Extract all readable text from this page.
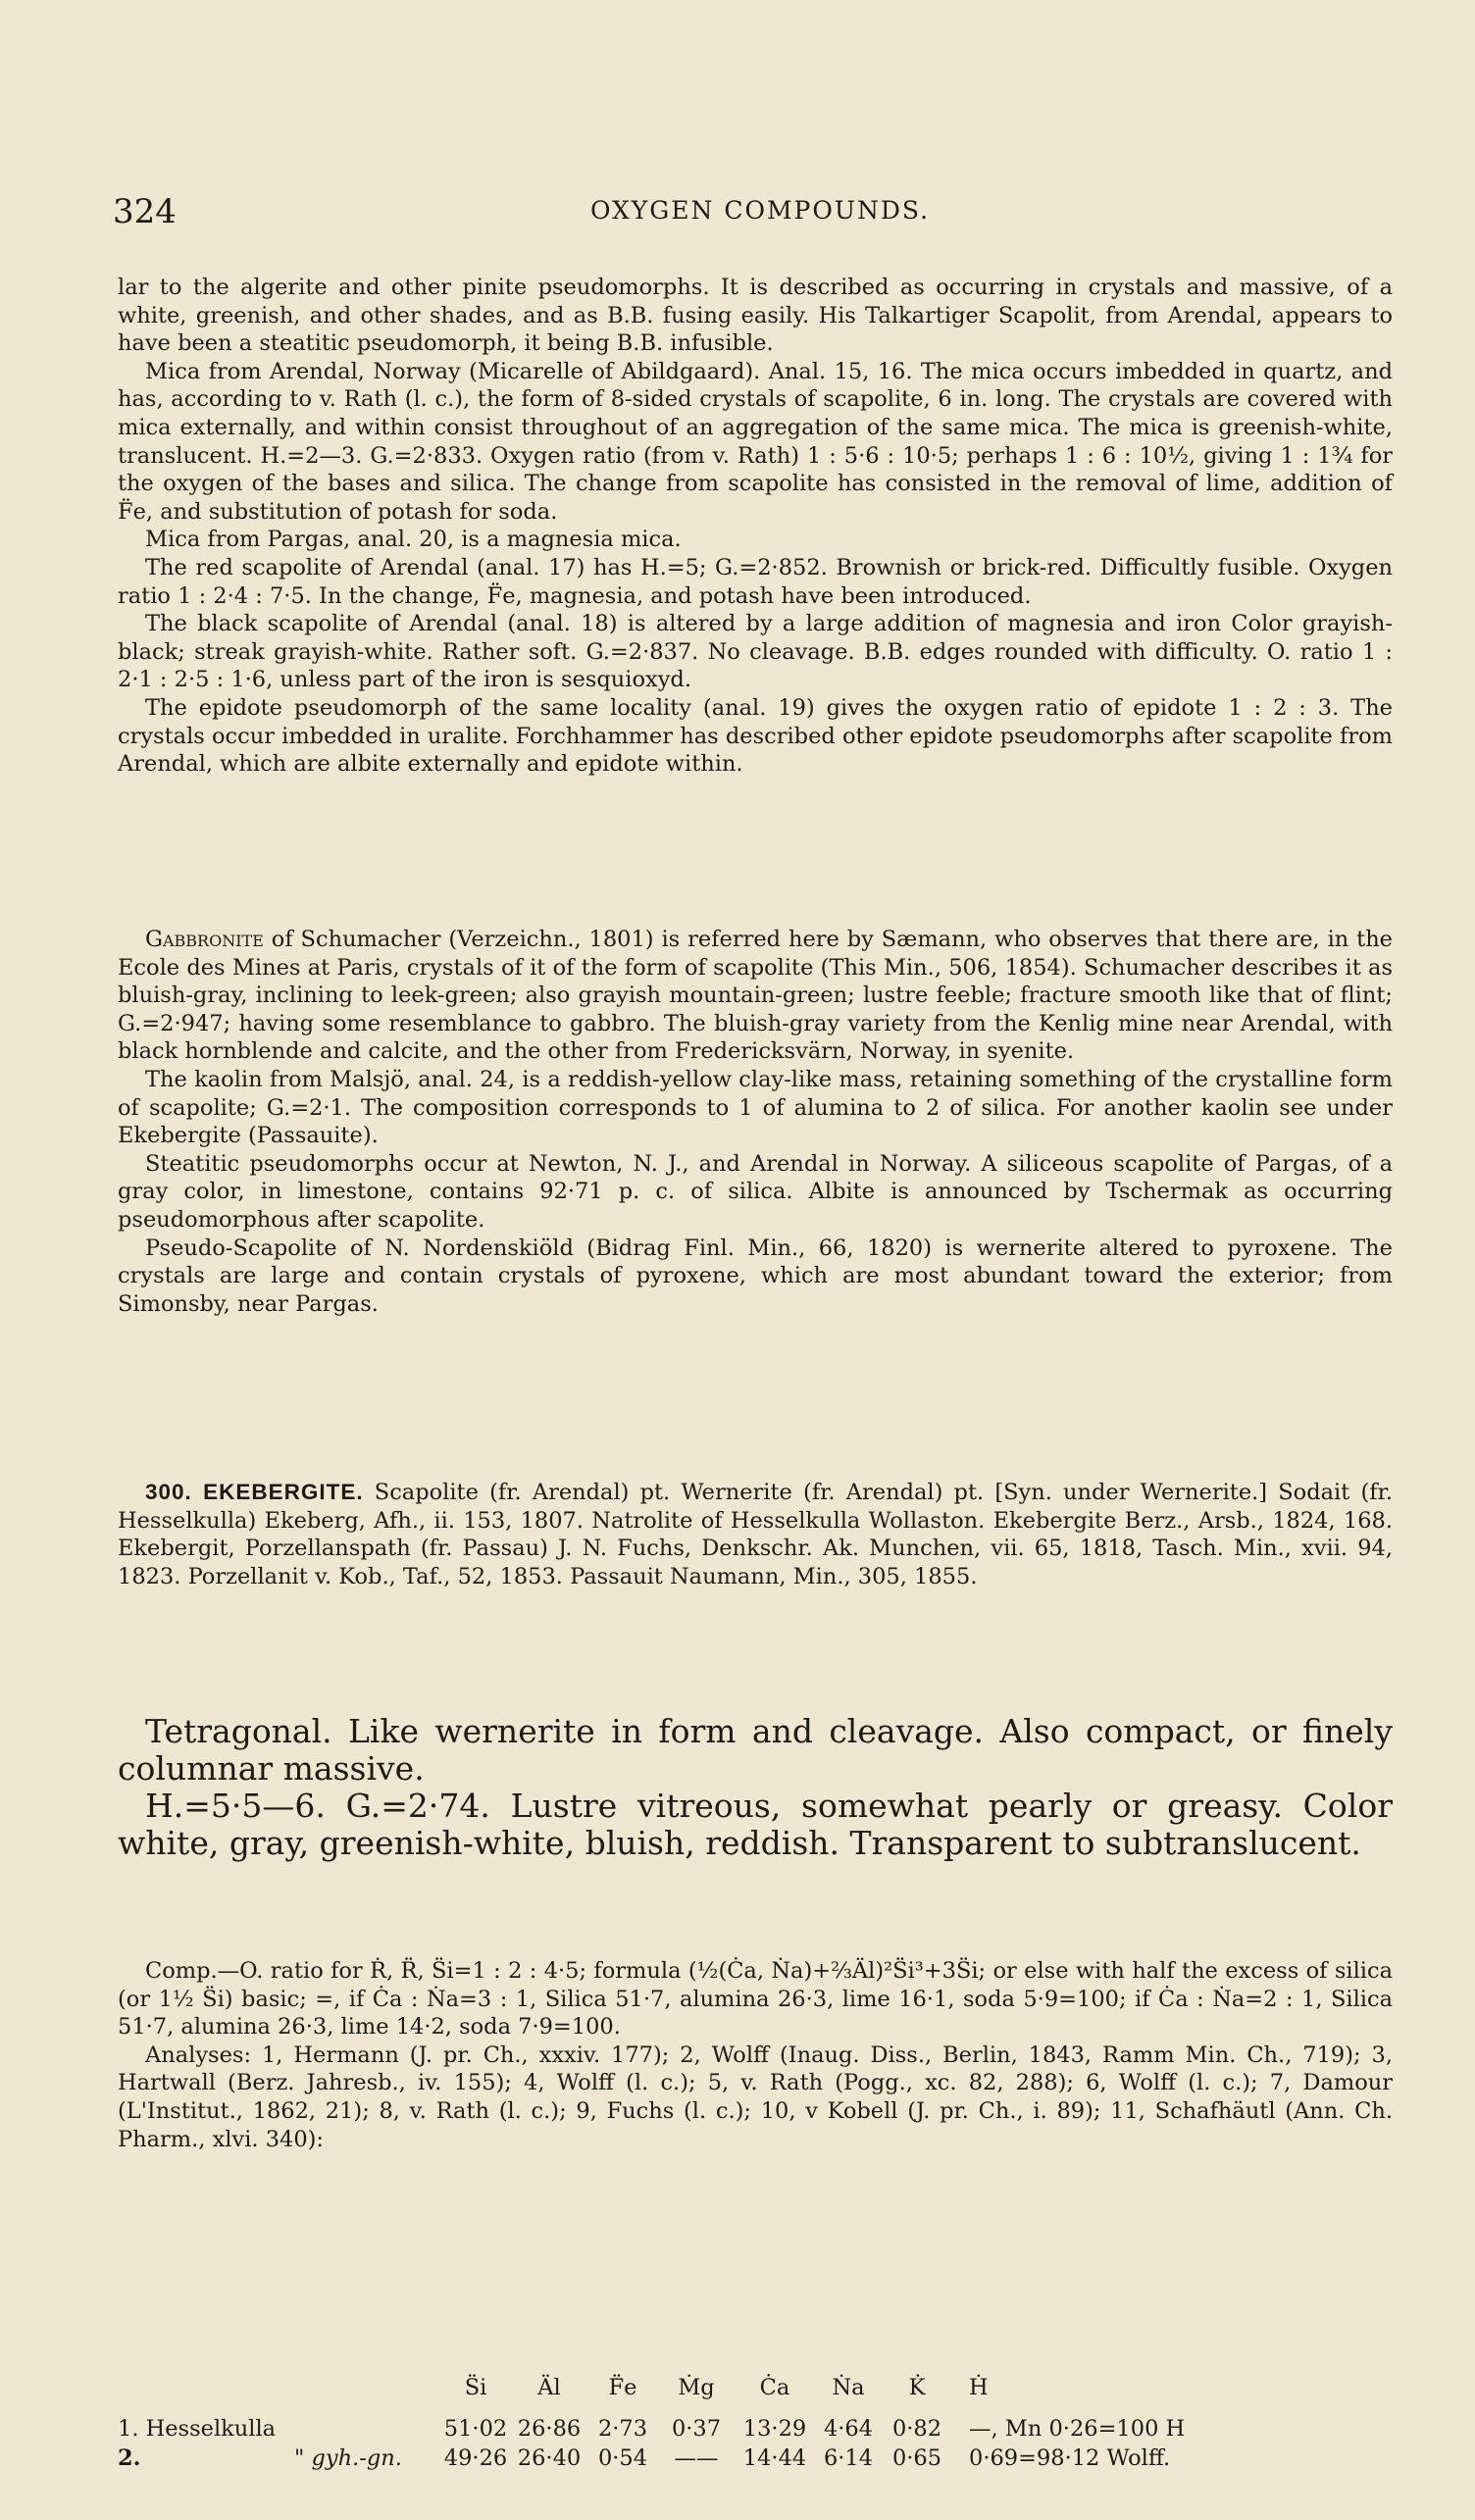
324	OXYGEN COMPOUNDS.

lar to the algerite and other pinite pseudomorphs. It is described as occurring in crystals and massive, of a white, greenish, and other shades, and as B.B. fusing easily. His Talkartiger Scapolit, from Arendal, appears to have been a steatitic pseudomorph, it being B.B. infusible.

Mica from Arendal, Norway (Micarelle of Abildgaard). Anal. 15, 16. The mica occurs imbedded in quartz, and has, according to v. Rath (l. c.), the form of 8-sided crystals of scapolite, 6 in. long. The crystals are covered with mica externally, and within consist throughout of an aggregation of the same mica. The mica is greenish-white, translucent. H.=2—3. G.=2·833. Oxygen ratio (from v. Rath) 1 : 5·6 : 10·5; perhaps 1 : 6 : 10½, giving 1 : 1¾ for the oxygen of the bases and silica. The change from scapolite has consisted in the removal of lime, addition of F̈e, and substitution of potash for soda.

Mica from Pargas, anal. 20, is a magnesia mica.

The red scapolite of Arendal (anal. 17) has H.=5; G.=2·852. Brownish or brick-red. Difficultly fusible. Oxygen ratio 1 : 2·4 : 7·5. In the change, F̈e, magnesia, and potash have been introduced.

The black scapolite of Arendal (anal. 18) is altered by a large addition of magnesia and iron Color grayish-black; streak grayish-white. Rather soft. G.=2·837. No cleavage. B.B. edges rounded with difficulty. O. ratio 1 : 2·1 : 2·5 : 1·6, unless part of the iron is sesquioxyd.

The epidote pseudomorph of the same locality (anal. 19) gives the oxygen ratio of epidote 1 : 2 : 3. The crystals occur imbedded in uralite. Forchhammer has described other epidote pseudomorphs after scapolite from Arendal, which are albite externally and epidote within.

Gabbronite of Schumacher (Verzeichn., 1801) is referred here by Sæmann, who observes that there are, in the Ecole des Mines at Paris, crystals of it of the form of scapolite (This Min., 506, 1854). Schumacher describes it as bluish-gray, inclining to leek-green; also grayish mountain-green; lustre feeble; fracture smooth like that of flint; G.=2·947; having some resemblance to gabbro. The bluish-gray variety from the Kenlig mine near Arendal, with black hornblende and calcite, and the other from Fredericksvärn, Norway, in syenite.

The kaolin from Malsjö, anal. 24, is a reddish-yellow clay-like mass, retaining something of the crystalline form of scapolite; G.=2·1. The composition corresponds to 1 of alumina to 2 of silica. For another kaolin see under Ekebergite (Passauite).

Steatitic pseudomorphs occur at Newton, N. J., and Arendal in Norway. A siliceous scapolite of Pargas, of a gray color, in limestone, contains 92·71 p. c. of silica. Albite is announced by Tschermak as occurring pseudomorphous after scapolite.

Pseudo-Scapolite of N. Nordenskiöld (Bidrag Finl. Min., 66, 1820) is wernerite altered to pyroxene. The crystals are large and contain crystals of pyroxene, which are most abundant toward the exterior; from Simonsby, near Pargas.

300. EKEBERGITE. Scapolite (fr. Arendal) pt. Wernerite (fr. Arendal) pt. [Syn. under Wernerite.] Sodait (fr. Hesselkulla) Ekeberg, Afh., ii. 153, 1807. Natrolite of Hesselkulla Wollaston. Ekebergite Berz., Arsb., 1824, 168. Ekebergit, Porzellanspath (fr. Passau) J. N. Fuchs, Denkschr. Ak. Munchen, vii. 65, 1818, Tasch. Min., xvii. 94, 1823. Porzellanit v. Kob., Taf., 52, 1853. Passauit Naumann, Min., 305, 1855.

Tetragonal. Like wernerite in form and cleavage. Also compact, or finely columnar massive.

H.=5·5—6. G.=2·74. Lustre vitreous, somewhat pearly or greasy. Color white, gray, greenish-white, bluish, reddish. Transparent to subtranslucent.

Comp.—O. ratio for Ṙ, R̈, S̈i=1 : 2 : 4·5; formula (½(Ċa, Ṅa)+⅔Äl)²S̈i³+3S̈i; or else with half the excess of silica (or 1½ S̈i) basic; =, if Ċa : Ṅa=3 : 1, Silica 51·7, alumina 26·3, lime 16·1, soda 5·9=100; if Ċa : Ṅa=2 : 1, Silica 51·7, alumina 26·3, lime 14·2, soda 7·9=100.

Analyses: 1, Hermann (J. pr. Ch., xxxiv. 177); 2, Wolff (Inaug. Diss., Berlin, 1843, Ramm Min. Ch., 719); 3, Hartwall (Berz. Jahresb., iv. 155); 4, Wolff (l. c.); 5, v. Rath (Pogg., xc. 82, 288); 6, Wolff (l. c.); 7, Damour (L'Institut., 1862, 21); 8, v. Rath (l. c.); 9, Fuchs (l. c.); 10, v Kobell (J. pr. Ch., i. 89); 11, Schafhäutl (Ann. Ch. Pharm., xlvi. 340):

		S̈i	Äl	F̈e	Ṁg	Ċa	Ṅa	K̇	Ḣ
1. Hesselkulla		51·02	26·86	2·73	0·37	13·29	4·64	0·82	—, Mn 0·26=100 H
2.	" gyh.-gn.	49·26	26·40	0·54	——	14·44	6·14	0·65	0·69=98·12 Wolff.
